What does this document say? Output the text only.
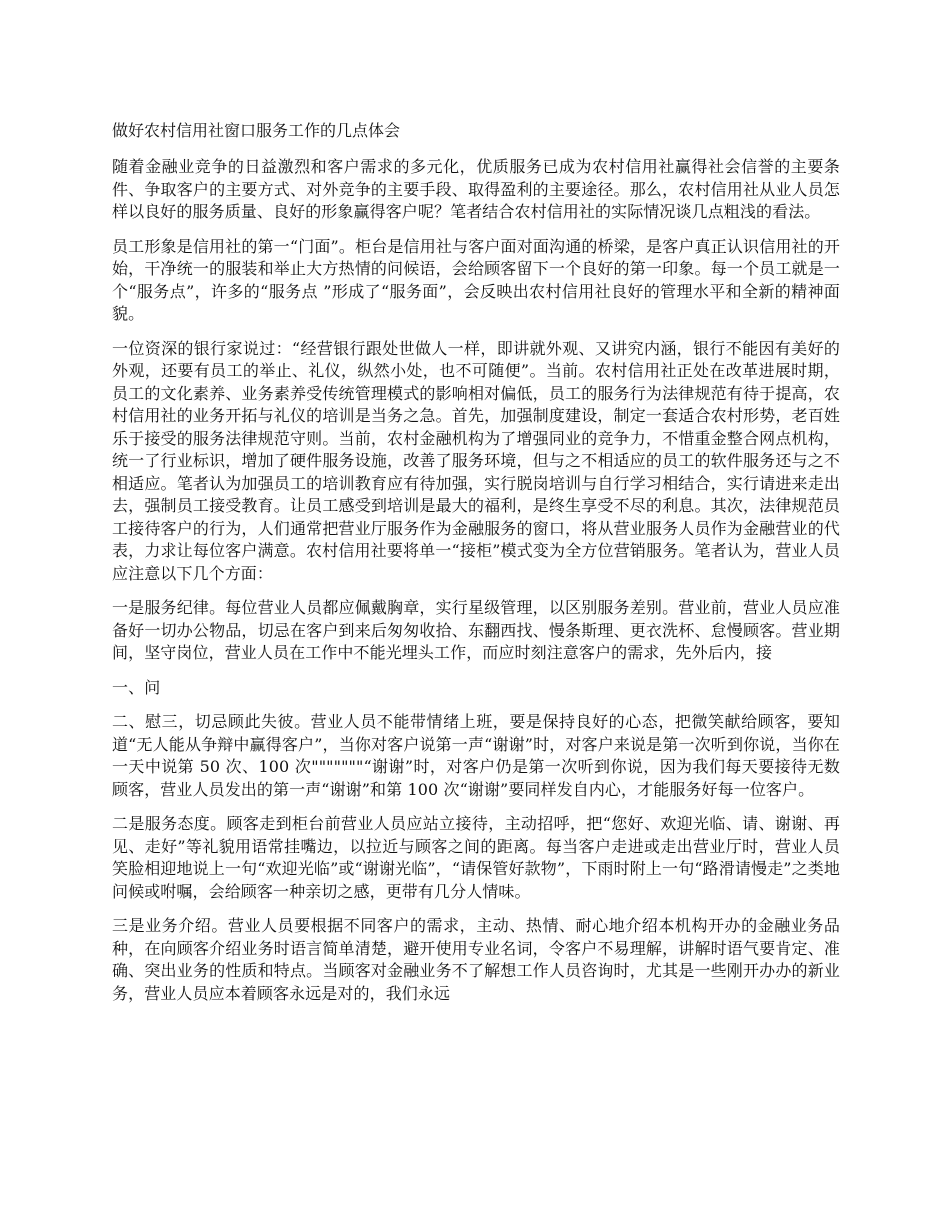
做好农村信用社窗口服务工作的几点体会

随着金融业竞争的日益激烈和客户需求的多元化，优质服务已成为农村信用社赢得社会信誉的主要条件、争取客户的主要方式、对外竞争的主要手段、取得盈利的主要途径。那么，农村信用社从业人员怎样以良好的服务质量、良好的形象赢得客户呢？笔者结合农村信用社的实际情况谈几点粗浅的看法。

员工形象是信用社的第一“门面”。柜台是信用社与客户面对面沟通的桥梁，是客户真正认识信用社的开始，干净统一的服装和举止大方热情的问候语，会给顾客留下一个良好的第一印象。每一个员工就是一个“服务点”，许多的“服务点 ”形成了“服务面”，会反映出农村信用社良好的管理水平和全新的精神面貌。

一位资深的银行家说过：“经营银行跟处世做人一样，即讲就外观、又讲究内涵，银行不能因有美好的外观，还要有员工的举止、礼仪，纵然小处，也不可随便”。当前。农村信用社正处在改革进展时期，员工的文化素养、业务素养受传统管理模式的影响相对偏低，员工的服务行为法律规范有待于提高，农村信用社的业务开拓与礼仪的培训是当务之急。首先，加强制度建设，制定一套适合农村形势，老百姓乐于接受的服务法律规范守则。当前，农村金融机构为了增强同业的竞争力，不惜重金整合网点机构，统一了行业标识，增加了硬件服务设施，改善了服务环境，但与之不相适应的员工的软件服务还与之不相适应。笔者认为加强员工的培训教育应有待加强，实行脱岗培训与自行学习相结合，实行请进来走出去，强制员工接受教育。让员工感受到培训是最大的福利，是终生享受不尽的利息。其次，法律规范员工接待客户的行为，人们通常把营业厅服务作为金融服务的窗口，将从营业服务人员作为金融营业的代表，力求让每位客户满意。农村信用社要将单一“接柜”模式变为全方位营销服务。笔者认为，营业人员应注意以下几个方面：

一是服务纪律。每位营业人员都应佩戴胸章，实行星级管理，以区别服务差别。营业前，营业人员应准备好一切办公物品，切忌在客户到来后匆匆收拾、东翻西找、慢条斯理、更衣洗杯、怠慢顾客。营业期间，坚守岗位，营业人员在工作中不能光埋头工作，而应时刻注意客户的需求，先外后内，接

一、问

二、慰三，切忌顾此失彼。营业人员不能带情绪上班，要是保持良好的心态，把微笑献给顾客，要知道“无人能从争辩中赢得客户”，当你对客户说第一声“谢谢”时，对客户来说是第一次听到你说，当你在一天中说第 50 次、100 次"""""""“谢谢”时，对客户仍是第一次听到你说，因为我们每天要接待无数顾客，营业人员发出的第一声“谢谢”和第 100 次“谢谢”要同样发自内心，才能服务好每一位客户。

二是服务态度。顾客走到柜台前营业人员应站立接待，主动招呼，把“您好、欢迎光临、请、谢谢、再见、走好”等礼貌用语常挂嘴边，以拉近与顾客之间的距离。每当客户走进或走出营业厅时，营业人员笑脸相迎地说上一句“欢迎光临”或“谢谢光临”，“请保管好款物”，下雨时附上一句“路滑请慢走”之类地问候或咐嘱，会给顾客一种亲切之感，更带有几分人情味。

三是业务介绍。营业人员要根据不同客户的需求，主动、热情、耐心地介绍本机构开办的金融业务品种，在向顾客介绍业务时语言简单清楚，避开使用专业名词，令客户不易理解，讲解时语气要肯定、准确、突出业务的性质和特点。当顾客对金融业务不了解想工作人员咨询时，尤其是一些刚开办办的新业务，营业人员应本着顾客永远是对的，我们永远
